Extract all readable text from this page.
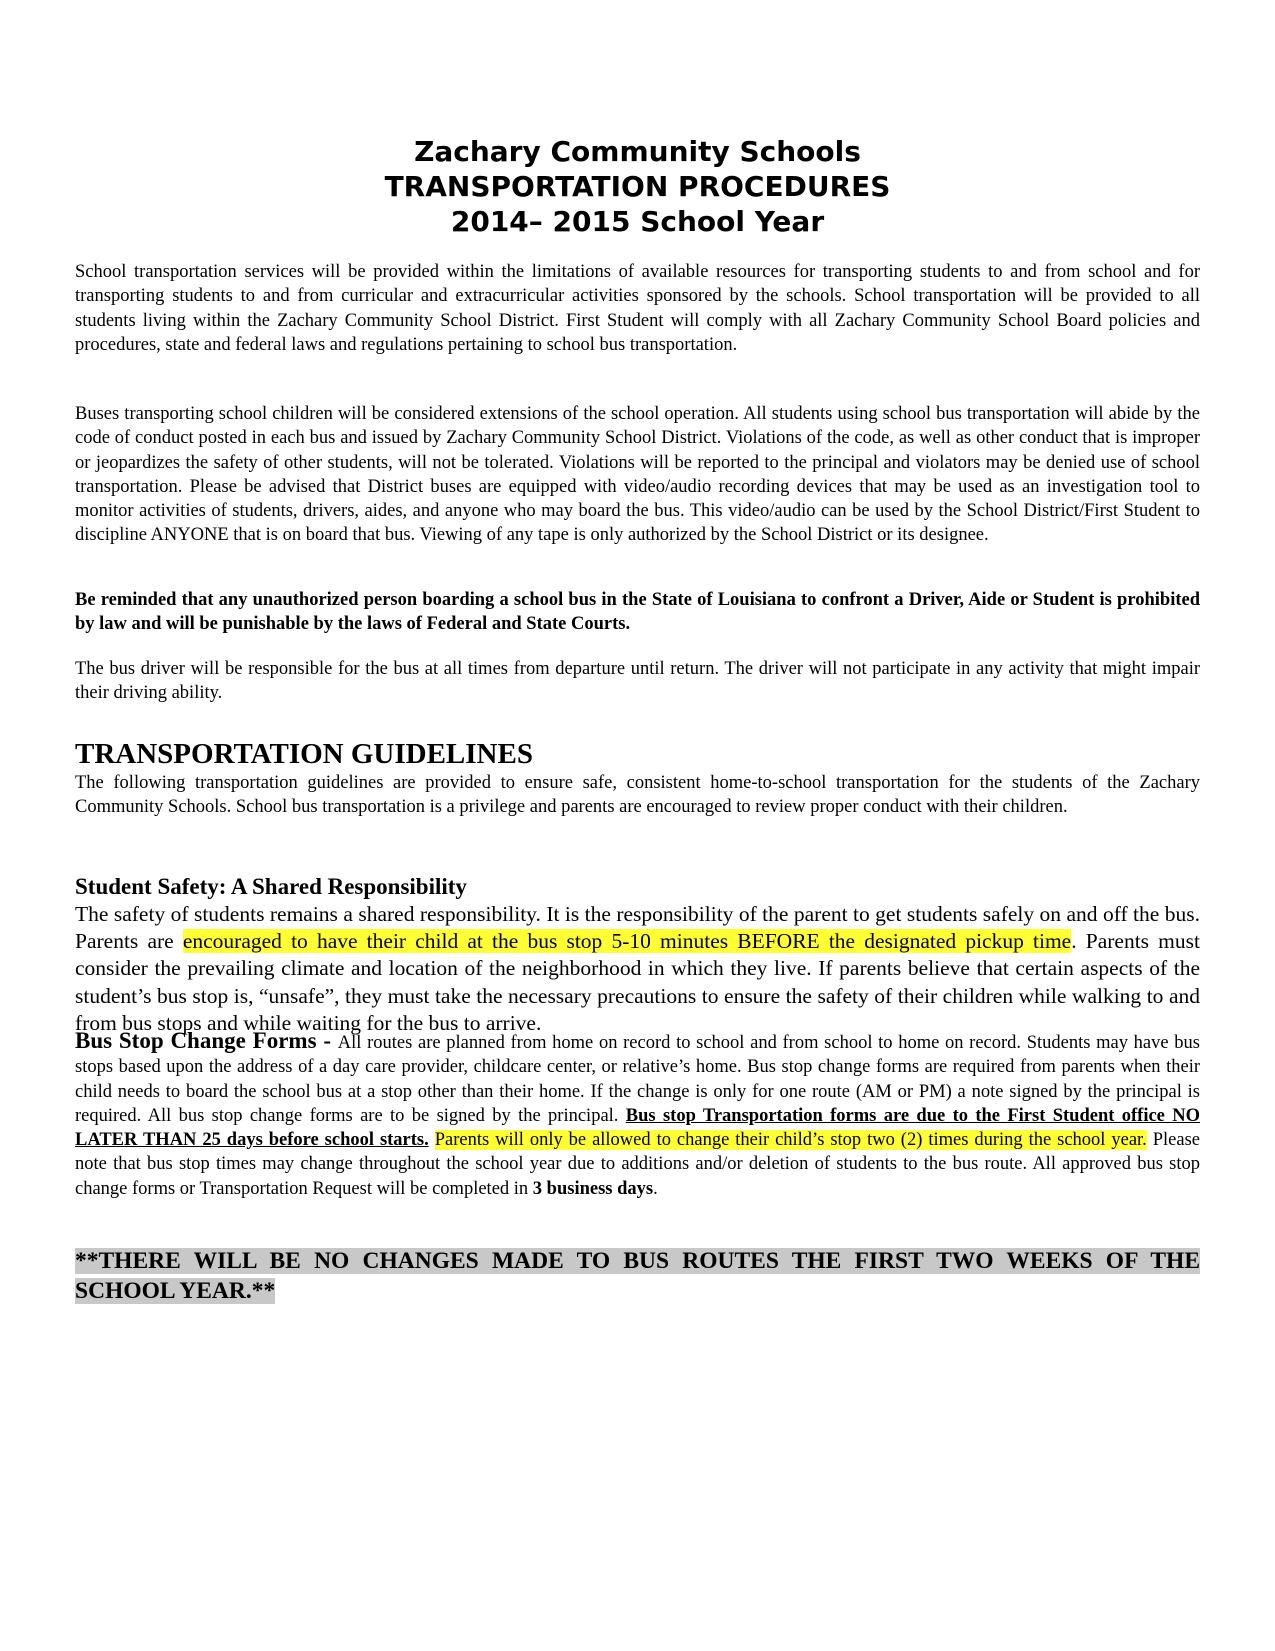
Zachary Community Schools
TRANSPORTATION PROCEDURES
2014– 2015 School Year

School transportation services will be provided within the limitations of available resources for transporting students to and from school and for transporting students to and from curricular and extracurricular activities sponsored by the schools. School transportation will be provided to all students living within the Zachary Community School District. First Student will comply with all Zachary Community School Board policies and procedures, state and federal laws and regulations pertaining to school bus transportation.

Buses transporting school children will be considered extensions of the school operation. All students using school bus transportation will abide by the code of conduct posted in each bus and issued by Zachary Community School District. Violations of the code, as well as other conduct that is improper or jeopardizes the safety of other students, will not be tolerated. Violations will be reported to the principal and violators may be denied use of school transportation. Please be advised that District buses are equipped with video/audio recording devices that may be used as an investigation tool to monitor activities of students, drivers, aides, and anyone who may board the bus. This video/audio can be used by the School District/First Student to discipline ANYONE that is on board that bus. Viewing of any tape is only authorized by the School District or its designee.

Be reminded that any unauthorized person boarding a school bus in the State of Louisiana to confront a Driver, Aide or Student is prohibited by law and will be punishable by the laws of Federal and State Courts.

The bus driver will be responsible for the bus at all times from departure until return. The driver will not participate in any activity that might impair their driving ability.

TRANSPORTATION GUIDELINES

The following transportation guidelines are provided to ensure safe, consistent home-to-school transportation for the students of the Zachary Community Schools. School bus transportation is a privilege and parents are encouraged to review proper conduct with their children.

Student Safety: A Shared Responsibility

The safety of students remains a shared responsibility. It is the responsibility of the parent to get students safely on and off the bus. Parents are encouraged to have their child at the bus stop 5-10 minutes BEFORE the designated pickup time. Parents must consider the prevailing climate and location of the neighborhood in which they live. If parents believe that certain aspects of the student’s bus stop is, “unsafe”, they must take the necessary precautions to ensure the safety of their children while walking to and from bus stops and while waiting for the bus to arrive.

Bus Stop Change Forms - All routes are planned from home on record to school and from school to home on record. Students may have bus stops based upon the address of a day care provider, childcare center, or relative’s home. Bus stop change forms are required from parents when their child needs to board the school bus at a stop other than their home. If the change is only for one route (AM or PM) a note signed by the principal is required. All bus stop change forms are to be signed by the principal. Bus stop Transportation forms are due to the First Student office NO LATER THAN 25 days before school starts. Parents will only be allowed to change their child’s stop two (2) times during the school year. Please note that bus stop times may change throughout the school year due to additions and/or deletion of students to the bus route. All approved bus stop change forms or Transportation Request will be completed in 3 business days.

**THERE WILL BE NO CHANGES MADE TO BUS ROUTES THE FIRST TWO WEEKS OF THE SCHOOL YEAR.**
